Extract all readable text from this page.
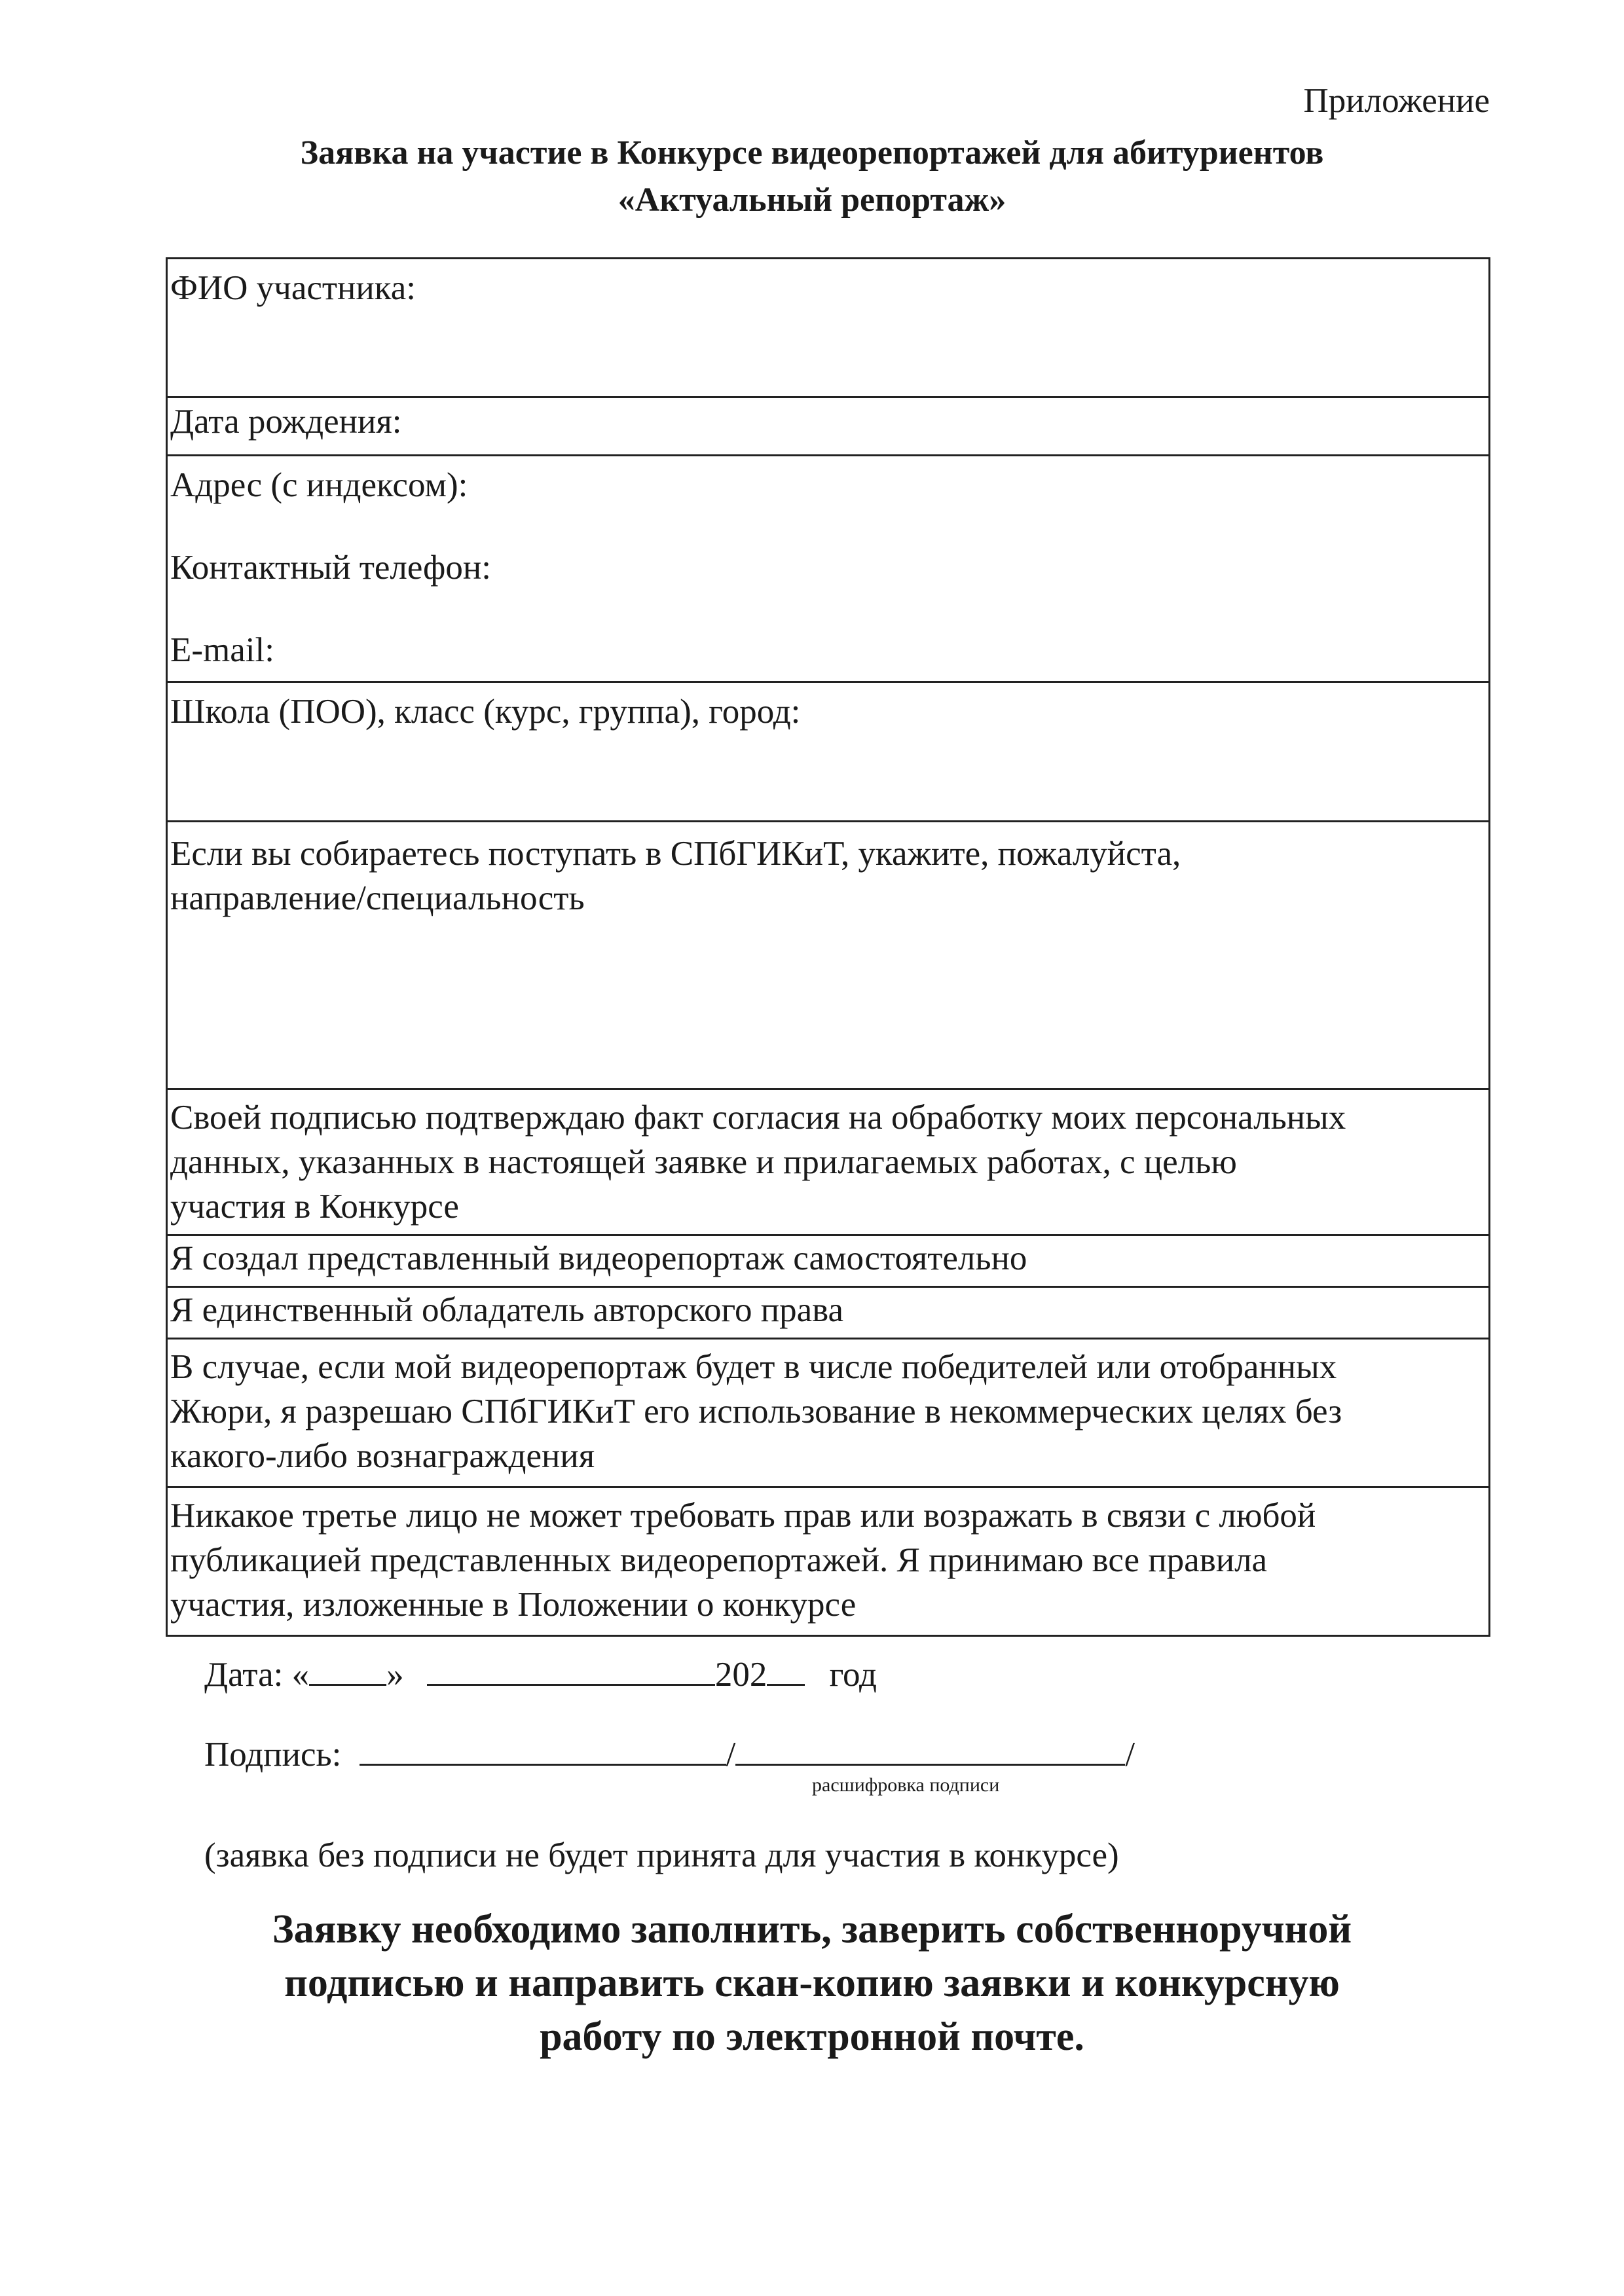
Приложение
Заявка на участие в Конкурсе видеорепортажей для абитуриентов
«Актуальный репортаж»

ФИО участника:

Дата рождения:

Адрес (с индексом):

Контактный телефон:

E-mail:

Школа (ПОО), класс (курс, группа), город:

Если вы собираетесь поступать в СПбГИКиТ, укажите, пожалуйста,

направление/специальность

Своей подписью подтверждаю факт согласия на обработку моих персональных

данных, указанных в настоящей заявке и прилагаемых работах, с целью

участия в Конкурсе

Я создал представленный видеорепортаж самостоятельно

Я единственный обладатель авторского права

В случае, если мой видеорепортаж будет в числе победителей или отобранных

Жюри, я разрешаю СПбГИКиТ его использование в некоммерческих целях без

какого-либо вознаграждения

Никакое третье лицо не может требовать прав или возражать в связи с любой

публикацией представленных видеорепортажей. Я принимаю все правила

участия, изложенные в Положении о конкурсе

Дата: « »	202 год
Подпись:	/	/
расшифровка подписи
(заявка без подписи не будет принята для участия в конкурсе)
Заявку необходимо заполнить, заверить собственноручной
подписью и направить скан-копию заявки и конкурсную
работу по электронной почте.
